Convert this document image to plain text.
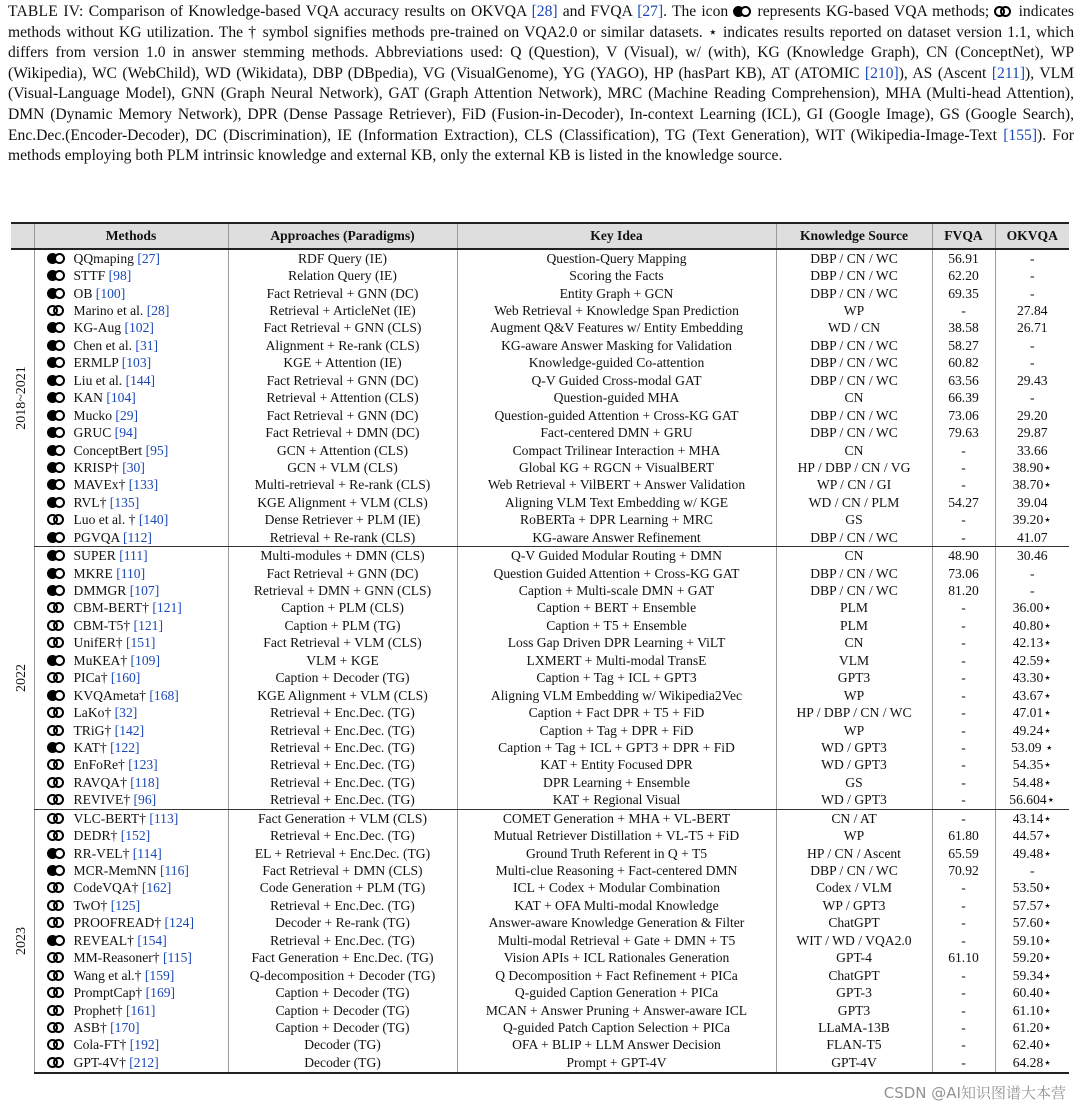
TABLE IV: Comparison of Knowledge-based VQA accuracy results on OKVQA [28] and FVQA [27]. The icon
represents KG-based VQA methods;
indicates methods without KG utilization. The † symbol signifies methods pre-trained on VQA2.0 or similar datasets. ⋆ indicates results reported on dataset version 1.1, which differs from version 1.0 in answer stemming methods. Abbreviations used: Q (Question), V (Visual), w/ (with), KG (Knowledge Graph), CN (ConceptNet), WP (Wikipedia), WC (WebChild), WD (Wikidata), DBP (DBpedia), VG (VisualGenome), YG (YAGO), HP (hasPart KB), AT (ATOMIC [210]), AS (Ascent [211]), VLM (Visual-Language Model), GNN (Graph Neural Network), GAT (Graph Attention Network), MRC (Machine Reading Comprehension), MHA (Multi-head Attention), DMN (Dynamic Memory Network), DPR (Dense Passage Retriever), FiD (Fusion-in-Decoder), In-context Learning (ICL), GI (Google Image), GS (Google Search), Enc.Dec.(Encoder-Decoder), DC (Discrimination), IE (Information Extraction), CLS (Classification), TG (Text Generation), WIT (Wikipedia-Image-Text [155]). For methods employing both PLM intrinsic knowledge and external KB, only the external KB is listed in the knowledge source.
	Methods	Approaches (Paradigms)	Key Idea	Knowledge Source	FVQA	OKVQA

2018~2021	QQmaping [27]	RDF Query (IE)	Question-Query Mapping	DBP / CN / WC	56.91	-

STTF [98]	Relation Query (IE)	Scoring the Facts	DBP / CN / WC	62.20	-

OB [100]	Fact Retrieval + GNN (DC)	Entity Graph + GCN	DBP / CN / WC	69.35	-

Marino et al. [28]	Retrieval + ArticleNet (IE)	Web Retrieval + Knowledge Span Prediction	WP	-	27.84

KG-Aug [102]	Fact Retrieval + GNN (CLS)	Augment Q&V Features w/ Entity Embedding	WD / CN	38.58	26.71

Chen et al. [31]	Alignment + Re-rank (CLS)	KG-aware Answer Masking for Validation	DBP / CN / WC	58.27	-

ERMLP [103]	KGE + Attention (IE)	Knowledge-guided Co-attention	DBP / CN / WC	60.82	-

Liu et al. [144]	Fact Retrieval + GNN (DC)	Q-V Guided Cross-modal GAT	DBP / CN / WC	63.56	29.43

KAN [104]	Retrieval + Attention (CLS)	Question-guided MHA	CN	66.39	-

Mucko [29]	Fact Retrieval + GNN (DC)	Question-guided Attention + Cross-KG GAT	DBP / CN / WC	73.06	29.20

GRUC [94]	Fact Retrieval + DMN (DC)	Fact-centered DMN + GRU	DBP / CN / WC	79.63	29.87

ConceptBert [95]	GCN + Attention (CLS)	Compact Trilinear Interaction + MHA	CN	-	33.66

KRISP† [30]	GCN + VLM (CLS)	Global KG + RGCN + VisualBERT	HP / DBP / CN / VG	-	38.90⋆

MAVEx† [133]	Multi-retrieval + Re-rank (CLS)	Web Retrieval + VilBERT + Answer Validation	WP / CN / GI	-	38.70⋆

RVL† [135]	KGE Alignment + VLM (CLS)	Aligning VLM Text Embedding w/ KGE	WD / CN / PLM	54.27	39.04

Luo et al. † [140]	Dense Retriever + PLM (IE)	RoBERTa + DPR Learning + MRC	GS	-	39.20⋆

PGVQA [112]	Retrieval + Re-rank (CLS)	KG-aware Answer Refinement	DBP / CN / WC	-	41.07

2022	SUPER [111]	Multi-modules + DMN (CLS)	Q-V Guided Modular Routing + DMN	CN	48.90	30.46

MKRE [110]	Fact Retrieval + GNN (DC)	Question Guided Attention + Cross-KG GAT	DBP / CN / WC	73.06	-

DMMGR [107]	Retrieval + DMN + GNN (CLS)	Caption + Multi-scale DMN + GAT	DBP / CN / WC	81.20	-

CBM-BERT† [121]	Caption + PLM (CLS)	Caption + BERT + Ensemble	PLM	-	36.00⋆

CBM-T5† [121]	Caption + PLM (TG)	Caption + T5 + Ensemble	PLM	-	40.80⋆

UnifER† [151]	Fact Retrieval + VLM (CLS)	Loss Gap Driven DPR Learning + ViLT	CN	-	42.13⋆

MuKEA† [109]	VLM + KGE	LXMERT + Multi-modal TransE	VLM	-	42.59⋆

PICa† [160]	Caption + Decoder (TG)	Caption + Tag + ICL + GPT3	GPT3	-	43.30⋆

KVQAmeta† [168]	KGE Alignment + VLM (CLS)	Aligning VLM Embedding w/ Wikipedia2Vec	WP	-	43.67⋆

LaKo† [32]	Retrieval + Enc.Dec. (TG)	Caption + Fact DPR + T5 + FiD	HP / DBP / CN / WC	-	47.01⋆

TRiG† [142]	Retrieval + Enc.Dec. (TG)	Caption + Tag + DPR + FiD	WP	-	49.24⋆

KAT† [122]	Retrieval + Enc.Dec. (TG)	Caption + Tag + ICL + GPT3 + DPR + FiD	WD / GPT3	-	53.09 ⋆

EnFoRe† [123]	Retrieval + Enc.Dec. (TG)	KAT + Entity Focused DPR	WD / GPT3	-	54.35⋆

RAVQA† [118]	Retrieval + Enc.Dec. (TG)	DPR Learning + Ensemble	GS	-	54.48⋆

REVIVE† [96]	Retrieval + Enc.Dec. (TG)	KAT + Regional Visual	WD / GPT3	-	56.604⋆

2023	VLC-BERT† [113]	Fact Generation + VLM (CLS)	COMET Generation + MHA + VL-BERT	CN / AT	-	43.14⋆

DEDR† [152]	Retrieval + Enc.Dec. (TG)	Mutual Retriever Distillation + VL-T5 + FiD	WP	61.80	44.57⋆

RR-VEL† [114]	EL + Retrieval + Enc.Dec. (TG)	Ground Truth Referent in Q + T5	HP / CN / Ascent	65.59	49.48⋆

MCR-MemNN [116]	Fact Retrieval + DMN (CLS)	Multi-clue Reasoning + Fact-centered DMN	DBP / CN / WC	70.92	-

CodeVQA† [162]	Code Generation + PLM (TG)	ICL + Codex + Modular Combination	Codex / VLM	-	53.50⋆

TwO† [125]	Retrieval + Enc.Dec. (TG)	KAT + OFA Multi-modal Knowledge	WP / GPT3	-	57.57⋆

PROOFREAD† [124]	Decoder + Re-rank (TG)	Answer-aware Knowledge Generation & Filter	ChatGPT	-	57.60⋆

REVEAL† [154]	Retrieval + Enc.Dec. (TG)	Multi-modal Retrieval + Gate + DMN + T5	WIT / WD / VQA2.0	-	59.10⋆

MM-Reasoner† [115]	Fact Generation + Enc.Dec. (TG)	Vision APIs + ICL Rationales Generation	GPT-4	61.10	59.20⋆

Wang et al.† [159]	Q-decomposition + Decoder (TG)	Q Decomposition + Fact Refinement + PICa	ChatGPT	-	59.34⋆

PromptCap† [169]	Caption + Decoder (TG)	Q-guided Caption Generation + PICa	GPT-3	-	60.40⋆

Prophet† [161]	Caption + Decoder (TG)	MCAN + Answer Pruning + Answer-aware ICL	GPT3	-	61.10⋆

ASB† [170]	Caption + Decoder (TG)	Q-guided Patch Caption Selection + PICa	LLaMA-13B	-	61.20⋆

Cola-FT† [192]	Decoder (TG)	OFA + BLIP + LLM Answer Decision	FLAN-T5	-	62.40⋆

GPT-4V† [212]	Decoder (TG)	Prompt + GPT-4V	GPT-4V	-	64.28⋆
CSDN @AI知识图谱大本营
